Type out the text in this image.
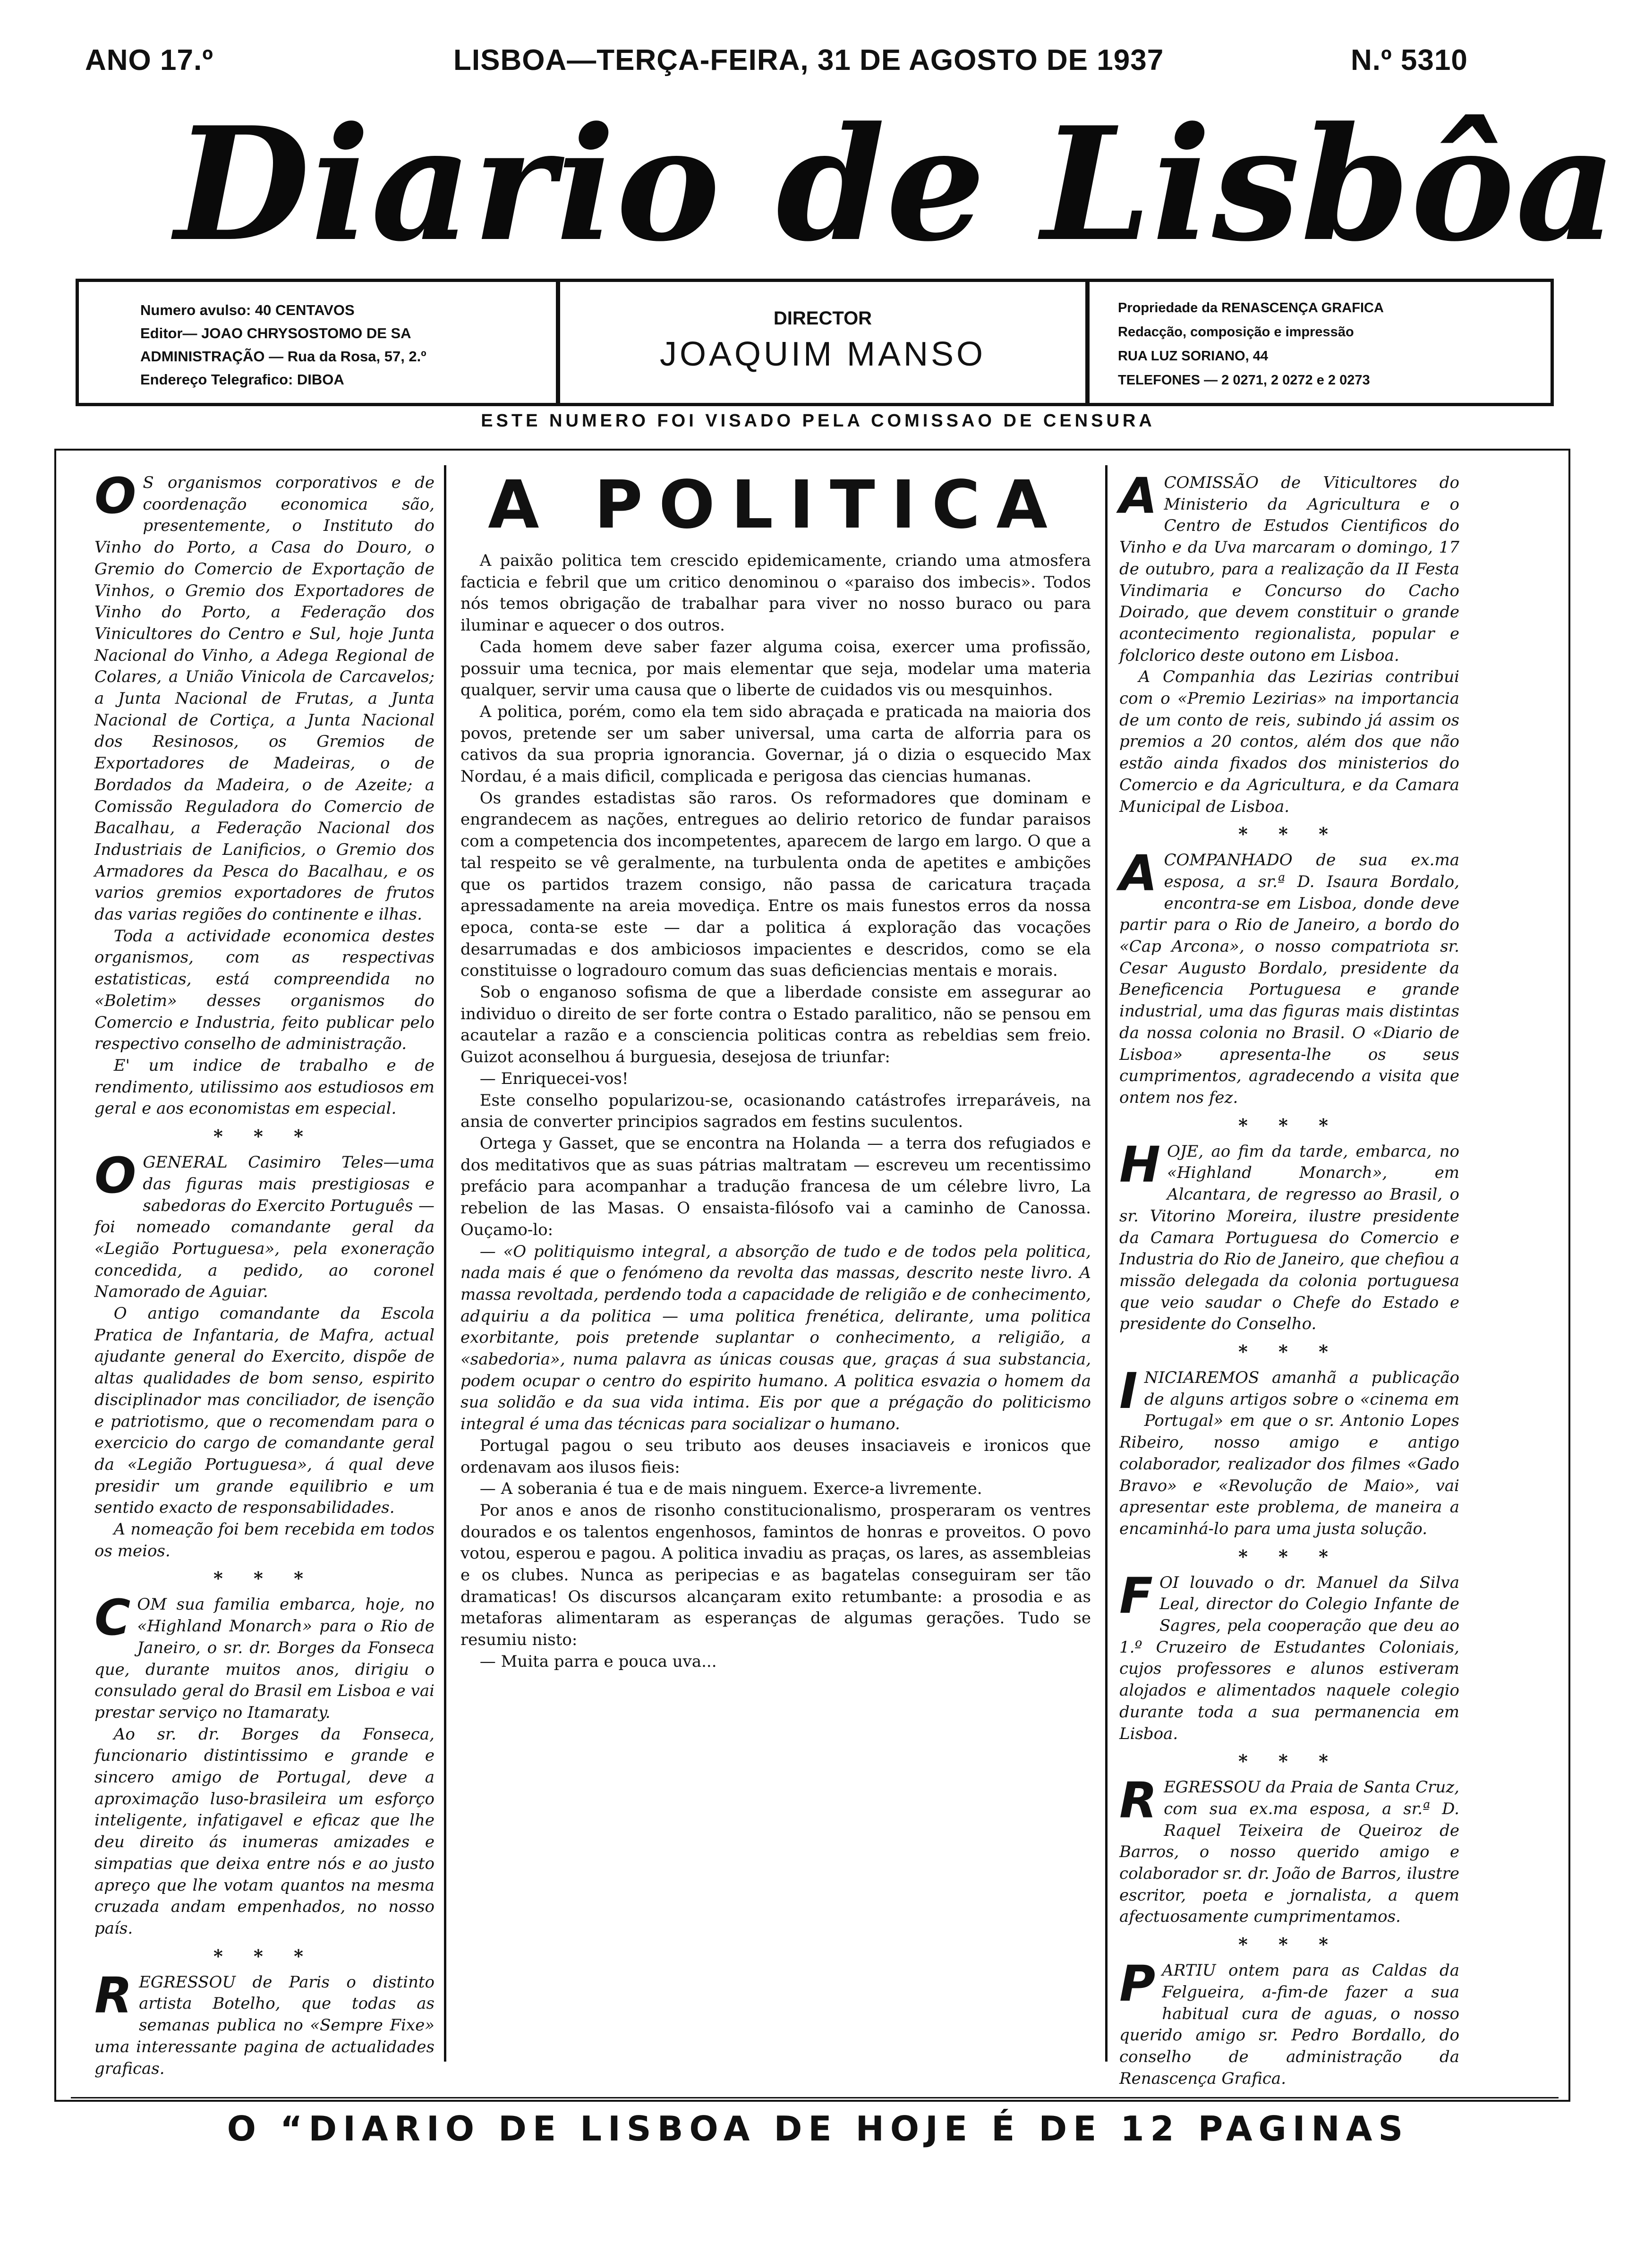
ANO 17.º	LISBOA—TERÇA-FEIRA, 31 DE AGOSTO DE 1937	N.º 5310
Diario de Lisbôa
Numero avulso: 40 CENTAVOS
Editor— JOAO CHRYSOSTOMO DE SA
ADMINISTRAÇÃO — Rua da Rosa, 57, 2.º
Endereço Telegrafico: DIBOA
DIRECTOR
JOAQUIM MANSO
Propriedade da RENASCENÇA GRAFICA
Redacção, composição e impressão
RUA LUZ SORIANO, 44
TELEFONES — 2 0271, 2 0272 e 2 0273
ESTE NUMERO FOI VISADO PELA COMISSAO DE CENSURA

O S organismos corporativos e de coordenação economica são, presentemente, o Instituto do Vinho do Porto, a Casa do Douro, o Gremio do Comercio de Exportação de Vinhos, o Gremio dos Exportadores de Vinho do Porto, a Federação dos Vinicultores do Centro e Sul, hoje Junta Nacional do Vinho, a Adega Regional de Colares, a União Vinicola de Carcavelos; a Junta Nacional de Frutas, a Junta Nacional de Cortiça, a Junta Nacional dos Resinosos, os Gremios de Exportadores de Madeiras, o de Bordados da Madeira, o de Azeite; a Comissão Reguladora do Comercio de Bacalhau, a Federação Nacional dos Industriais de Lanificios, o Gremio dos Armadores da Pesca do Bacalhau, e os varios gremios exportadores de frutos das varias regiões do continente e ilhas.

Toda a actividade economica destes organismos, com as respectivas estatisticas, está compreendida no «Boletim» desses organismos do Comercio e Industria, feito publicar pelo respectivo conselho de administração.

E' um indice de trabalho e de rendimento, utilissimo aos estudiosos em geral e aos economistas em especial.

* * *

OGENERAL Casimiro Teles—uma das figuras mais prestigiosas e sabedoras do Exercito Português — foi nomeado comandante geral da «Legião Portuguesa», pela exoneração concedida, a pedido, ao coronel Namorado de Aguiar.

O antigo comandante da Escola Pratica de Infantaria, de Mafra, actual ajudante general do Exercito, dispõe de altas qualidades de bom senso, espirito disciplinador mas conciliador, de isenção e patriotismo, que o recomendam para o exercicio do cargo de comandante geral da «Legião Portuguesa», á qual deve presidir um grande equilibrio e um sentido exacto de responsabilidades.

A nomeação foi bem recebida em todos os meios.

* * *

COM sua familia embarca, hoje, no «Highland Monarch» para o Rio de Janeiro, o sr. dr. Borges da Fonseca que, durante muitos anos, dirigiu o consulado geral do Brasil em Lisboa e vai prestar serviço no Itamaraty.

Ao sr. dr. Borges da Fonseca, funcionario distintissimo e grande e sincero amigo de Portugal, deve a aproximação luso-brasileira um esforço inteligente, infatigavel e eficaz que lhe deu direito ás inumeras amizades e simpatias que deixa entre nós e ao justo apreço que lhe votam quantos na mesma cruzada andam empenhados, no nosso país.

* * *

REGRESSOU de Paris o distinto artista Botelho, que todas as semanas publica no «Sempre Fixe» uma interessante pagina de actualidades graficas.

A POLITICA

A paixão politica tem crescido epidemicamente, criando uma atmosfera facticia e febril que um critico denominou o «paraiso dos imbecis». Todos nós temos obrigação de trabalhar para viver no nosso buraco ou para iluminar e aquecer o dos outros.

Cada homem deve saber fazer alguma coisa, exercer uma profissão, possuir uma tecnica, por mais elementar que seja, modelar uma materia qualquer, servir uma causa que o liberte de cuidados vis ou mesquinhos.

A politica, porém, como ela tem sido abraçada e praticada na maioria dos povos, pretende ser um saber universal, uma carta de alforria para os cativos da sua propria ignorancia. Governar, já o dizia o esquecido Max Nordau, é a mais dificil, complicada e perigosa das ciencias humanas.

Os grandes estadistas são raros. Os reformadores que dominam e engrandecem as nações, entregues ao delirio retorico de fundar paraisos com a competencia dos incompetentes, aparecem de largo em largo. O que a tal respeito se vê geralmente, na turbulenta onda de apetites e ambições que os partidos trazem consigo, não passa de caricatura traçada apressadamente na areia movediça. Entre os mais funestos erros da nossa epoca, conta-se este — dar a politica á exploração das vocações desarrumadas e dos ambiciosos impacientes e descridos, como se ela constituisse o logradouro comum das suas deficiencias mentais e morais.

Sob o enganoso sofisma de que a liberdade consiste em assegurar ao individuo o direito de ser forte contra o Estado paralitico, não se pensou em acautelar a razão e a consciencia politicas contra as rebeldias sem freio. Guizot aconselhou á burguesia, desejosa de triunfar:

— Enriquecei-vos!

Este conselho popularizou-se, ocasionando catástrofes irreparáveis, na ansia de converter principios sagrados em festins suculentos.

Ortega y Gasset, que se encontra na Holanda — a terra dos refugiados e dos meditativos que as suas pátrias maltratam — escreveu um recentissimo prefácio para acompanhar a tradução francesa de um célebre livro, La rebelion de las Masas. O ensaista-filósofo vai a caminho de Canossa. Ouçamo-lo:

— «O politiquismo integral, a absorção de tudo e de todos pela politica, nada mais é que o fenómeno da revolta das massas, descrito neste livro. A massa revoltada, perdendo toda a capacidade de religião e de conhecimento, adquiriu a da politica — uma politica frenética, delirante, uma politica exorbitante, pois pretende suplantar o conhecimento, a religião, a «sabedoria», numa palavra as únicas cousas que, graças á sua substancia, podem ocupar o centro do espirito humano. A politica esvazia o homem da sua solidão e da sua vida intima. Eis por que a prégação do politicismo integral é uma das técnicas para socializar o humano.

Portugal pagou o seu tributo aos deuses insaciaveis e ironicos que ordenavam aos ilusos fieis:

— A soberania é tua e de mais ninguem. Exerce-a livremente.

Por anos e anos de risonho constitucionalismo, prosperaram os ventres dourados e os talentos engenhosos, famintos de honras e proveitos. O povo votou, esperou e pagou. A politica invadiu as praças, os lares, as assembleias e os clubes. Nunca as peripecias e as bagatelas conseguiram ser tão dramaticas! Os discursos alcançaram exito retumbante: a prosodia e as metaforas alimentaram as esperanças de algumas gerações. Tudo se resumiu nisto:

— Muita parra e pouca uva...

ACOMISSÃO de Viticultores do Ministerio da Agricultura e o Centro de Estudos Cientificos do Vinho e da Uva marcaram o domingo, 17 de outubro, para a realização da II Festa Vindimaria e Concurso do Cacho Doirado, que devem constituir o grande acontecimento regionalista, popular e folclorico deste outono em Lisboa.

A Companhia das Lezirias contribui com o «Premio Lezirias» na importancia de um conto de reis, subindo já assim os premios a 20 contos, além dos que não estão ainda fixados dos ministerios do Comercio e da Agricultura, e da Camara Municipal de Lisboa.

* * *

ACOMPANHADO de sua ex.ma esposa, a sr.ª D. Isaura Bordalo, encontra-se em Lisboa, donde deve partir para o Rio de Janeiro, a bordo do «Cap Arcona», o nosso compatriota sr. Cesar Augusto Bordalo, presidente da Beneficencia Portuguesa e grande industrial, uma das figuras mais distintas da nossa colonia no Brasil. O «Diario de Lisboa» apresenta-lhe os seus cumprimentos, agradecendo a visita que ontem nos fez.

* * *

HOJE, ao fim da tarde, embarca, no «Highland Monarch», em Alcantara, de regresso ao Brasil, o sr. Vitorino Moreira, ilustre presidente da Camara Portuguesa do Comercio e Industria do Rio de Janeiro, que chefiou a missão delegada da colonia portuguesa que veio saudar o Chefe do Estado e presidente do Conselho.

* * *

INICIAREMOS amanhã a publicação de alguns artigos sobre o «cinema em Portugal» em que o sr. Antonio Lopes Ribeiro, nosso amigo e antigo colaborador, realizador dos filmes «Gado Bravo» e «Revolução de Maio», vai apresentar este problema, de maneira a encaminhá-lo para uma justa solução.

* * *

FOI louvado o dr. Manuel da Silva Leal, director do Colegio Infante de Sagres, pela cooperação que deu ao 1.º Cruzeiro de Estudantes Coloniais, cujos professores e alunos estiveram alojados e alimentados naquele colegio durante toda a sua permanencia em Lisboa.

* * *

REGRESSOU da Praia de Santa Cruz, com sua ex.ma esposa, a sr.ª D. Raquel Teixeira de Queiroz de Barros, o nosso querido amigo e colaborador sr. dr. João de Barros, ilustre escritor, poeta e jornalista, a quem afectuosamente cumprimentamos.

* * *

PARTIU ontem para as Caldas da Felgueira, a-fim-de fazer a sua habitual cura de aguas, o nosso querido amigo sr. Pedro Bordallo, do conselho de administração da Renascença Grafica.

O “DIARIO DE LISBOA DE HOJE É DE 12 PAGINAS
